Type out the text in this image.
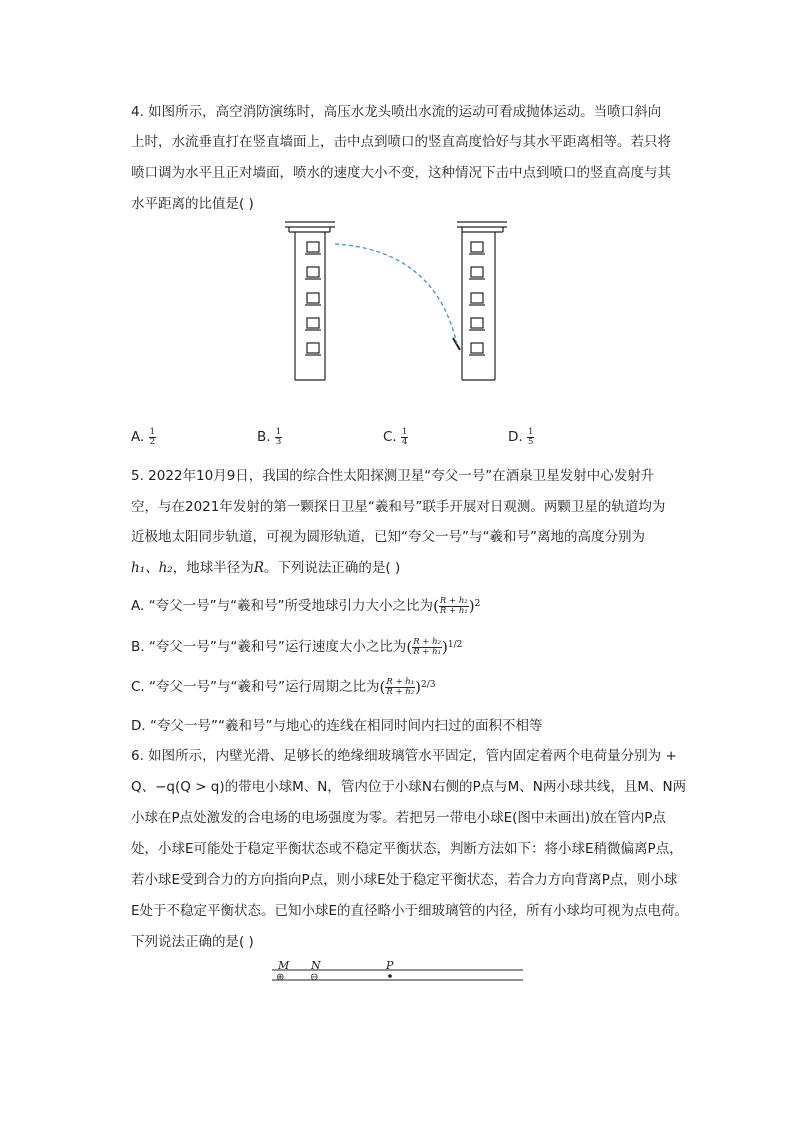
4. 如图所示，高空消防演练时，高压水龙头喷出水流的运动可看成抛体运动。当喷口斜向
上时，水流垂直打在竖直墙面上，击中点到喷口的竖直高度恰好与其水平距离相等。若只将
喷口调为水平且正对墙面，喷水的速度大小不变，这种情况下击中点到喷口的竖直高度与其
水平距离的比值是( )
A. $\frac{1}{2}$	B. $\frac{1}{3}$	C. $\frac{1}{4}$	D. $\frac{1}{5}$
5. 2022年10月9日，我国的综合性太阳探测卫星“夸父一号”在酒泉卫星发射中心发射升
空，与在2021年发射的第一颗探日卫星“羲和号”联手开展对日观测。两颗卫星的轨道均为
近极地太阳同步轨道，可视为圆形轨道，已知“夸父一号”与“羲和号”离地的高度分别为
h₁、h₂，地球半径为R。下列说法正确的是( )
A. “夸父一号”与“羲和号”所受地球引力大小之比为( $\frac{\text{R + h₂}}{\text{R + h₁}} )^2$
B. “夸父一号”与“羲和号”运行速度大小之比为( $\frac{\text{R + h₂}}{\text{R + h₁}} )^{1/2}$
C. “夸父一号”与“羲和号”运行周期之比为( $\frac{\text{R + h₁}}{\text{R + h₂}} )^{2/3}$
D. “夸父一号”“羲和号”与地心的连线在相同时间内扫过的面积不相等
6. 如图所示，内壁光滑、足够长的绝缘细玻璃管水平固定，管内固定着两个电荷量分别为 +
Q、−q(Q > q)的带电小球M、N，管内位于小球N右侧的P点与M、N两小球共线，且M、N两
小球在P点处激发的合电场的电场强度为零。若把另一带电小球E(图中未画出)放在管内P点
处，小球E可能处于稳定平衡状态或不稳定平衡状态，判断方法如下：将小球E稍微偏离P点，
若小球E受到合力的方向指向P点，则小球E处于稳定平衡状态，若合力方向背离P点，则小球
E处于不稳定平衡状态。已知小球E的直径略小于细玻璃管的内径，所有小球均可视为点电荷。
下列说法正确的是( )
M N	P
⊕	⊖
